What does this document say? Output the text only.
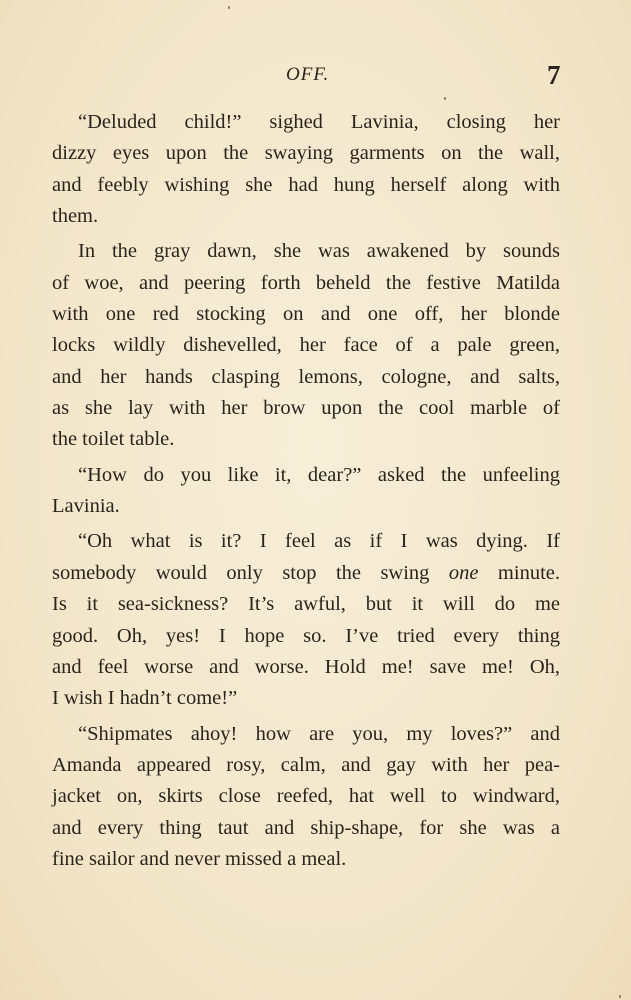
OFF.	7
“Deluded child!” sighed Lavinia, closing her
dizzy eyes upon the swaying garments on the wall,
and feebly wishing she had hung herself along with
them.
In the gray dawn, she was awakened by sounds
of woe, and peering forth beheld the festive Matilda
with one red stocking on and one off, her blonde
locks wildly dishevelled, her face of a pale green,
and her hands clasping lemons, cologne, and salts,
as she lay with her brow upon the cool marble of
the toilet table.
“How do you like it, dear?” asked the unfeeling
Lavinia.
“Oh what is it? I feel as if I was dying. If
somebody would only stop the swing one minute.
Is it sea-sickness? It’s awful, but it will do me
good. Oh, yes! I hope so. I’ve tried every thing
and feel worse and worse. Hold me! save me! Oh,
I wish I hadn’t come!”
“Shipmates ahoy! how are you, my loves?” and
Amanda appeared rosy, calm, and gay with her pea-
jacket on, skirts close reefed, hat well to windward,
and every thing taut and ship-shape, for she was a
fine sailor and never missed a meal.
